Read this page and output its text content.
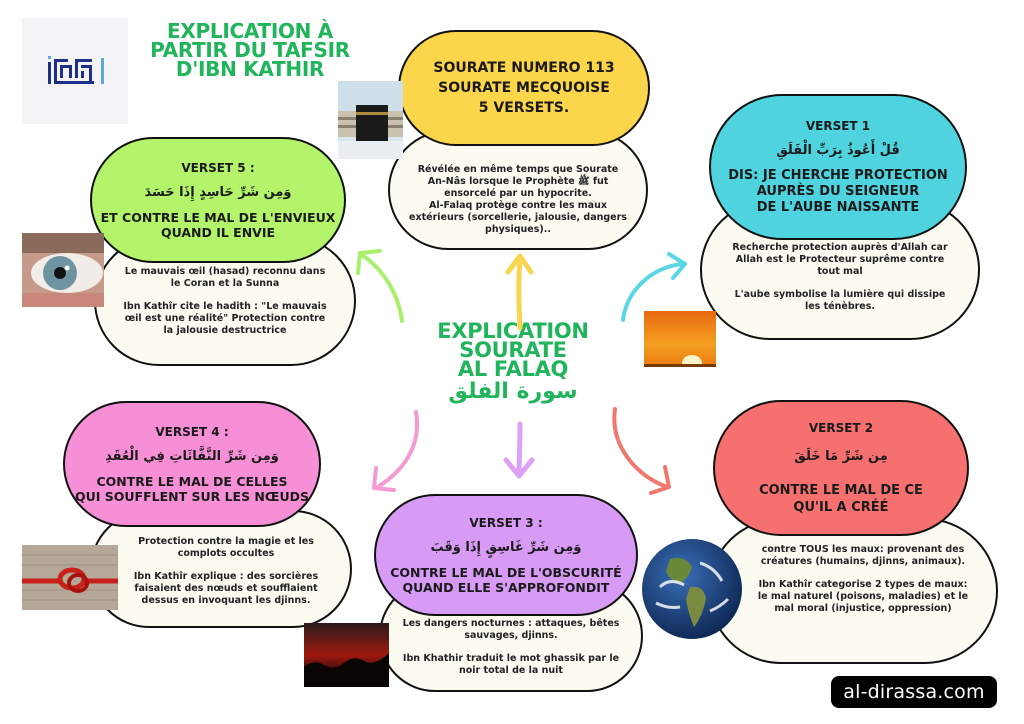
EXPLICATION À
PARTIR DU TAFSIR
D'IBN KATHIR
EXPLICATION
SOURATE
AL FALAQ
سورة الفلق

Révélée en même temps que Sourate An-Nâs lorsque le Prophète ﷺ fut ensorcelé par un hypocrite.

Al-Falaq protège contre les maux extérieurs (sorcellerie, jalousie, dangers physiques)..

SOURATE NUMERO 113
SOURATE MECQUOISE
5 VERSETS.

Recherche protection auprès d'Allah car Allah est le Protecteur suprême contre tout mal

L'aube symbolise la lumière qui dissipe les ténèbres.

VERSET 1
قُلْ أَعُوذُ بِرَبِّ الْفَلَقِ
DIS: JE CHERCHE PROTECTION
AUPRÈS DU SEIGNEUR
DE L'AUBE NAISSANTE

Le mauvais œil (hasad) reconnu dans le Coran et la Sunna

Ibn Kathîr cite le hadith : "Le mauvais œil est une réalité" Protection contre la jalousie destructrice

VERSET 5 :
وَمِن شَرِّ حَاسِدٍ إِذَا حَسَدَ
ET CONTRE LE MAL DE L'ENVIEUX
QUAND IL ENVIE

Protection contre la magie et les complots occultes

Ibn Kathîr explique : des sorcières faisaient des nœuds et soufflaient dessus en invoquant les djinns.

VERSET 4 :
وَمِن شَرِّ النَّفَّاثَاتِ فِي الْعُقَدِ
CONTRE LE MAL DE CELLES
QUI SOUFFLENT SUR LES NŒUDS

Les dangers nocturnes : attaques, bêtes sauvages, djinns.

Ibn Khathir traduit le mot ghassik par le noir total de la nuit

VERSET 3 :
وَمِن شَرِّ غَاسِقٍ إِذَا وَقَبَ
CONTRE LE MAL DE L'OBSCURITÉ
QUAND ELLE S'APPROFONDIT

contre TOUS les maux: provenant des créatures (humains, djinns, animaux).

Ibn Kathîr categorise 2 types de maux: le mal naturel (poisons, maladies) et le mal moral (injustice, oppression)

VERSET 2
مِن شَرِّ مَا خَلَقَ
CONTRE LE MAL DE CE
QU'IL A CRÉÉ
al-dirassa.com
